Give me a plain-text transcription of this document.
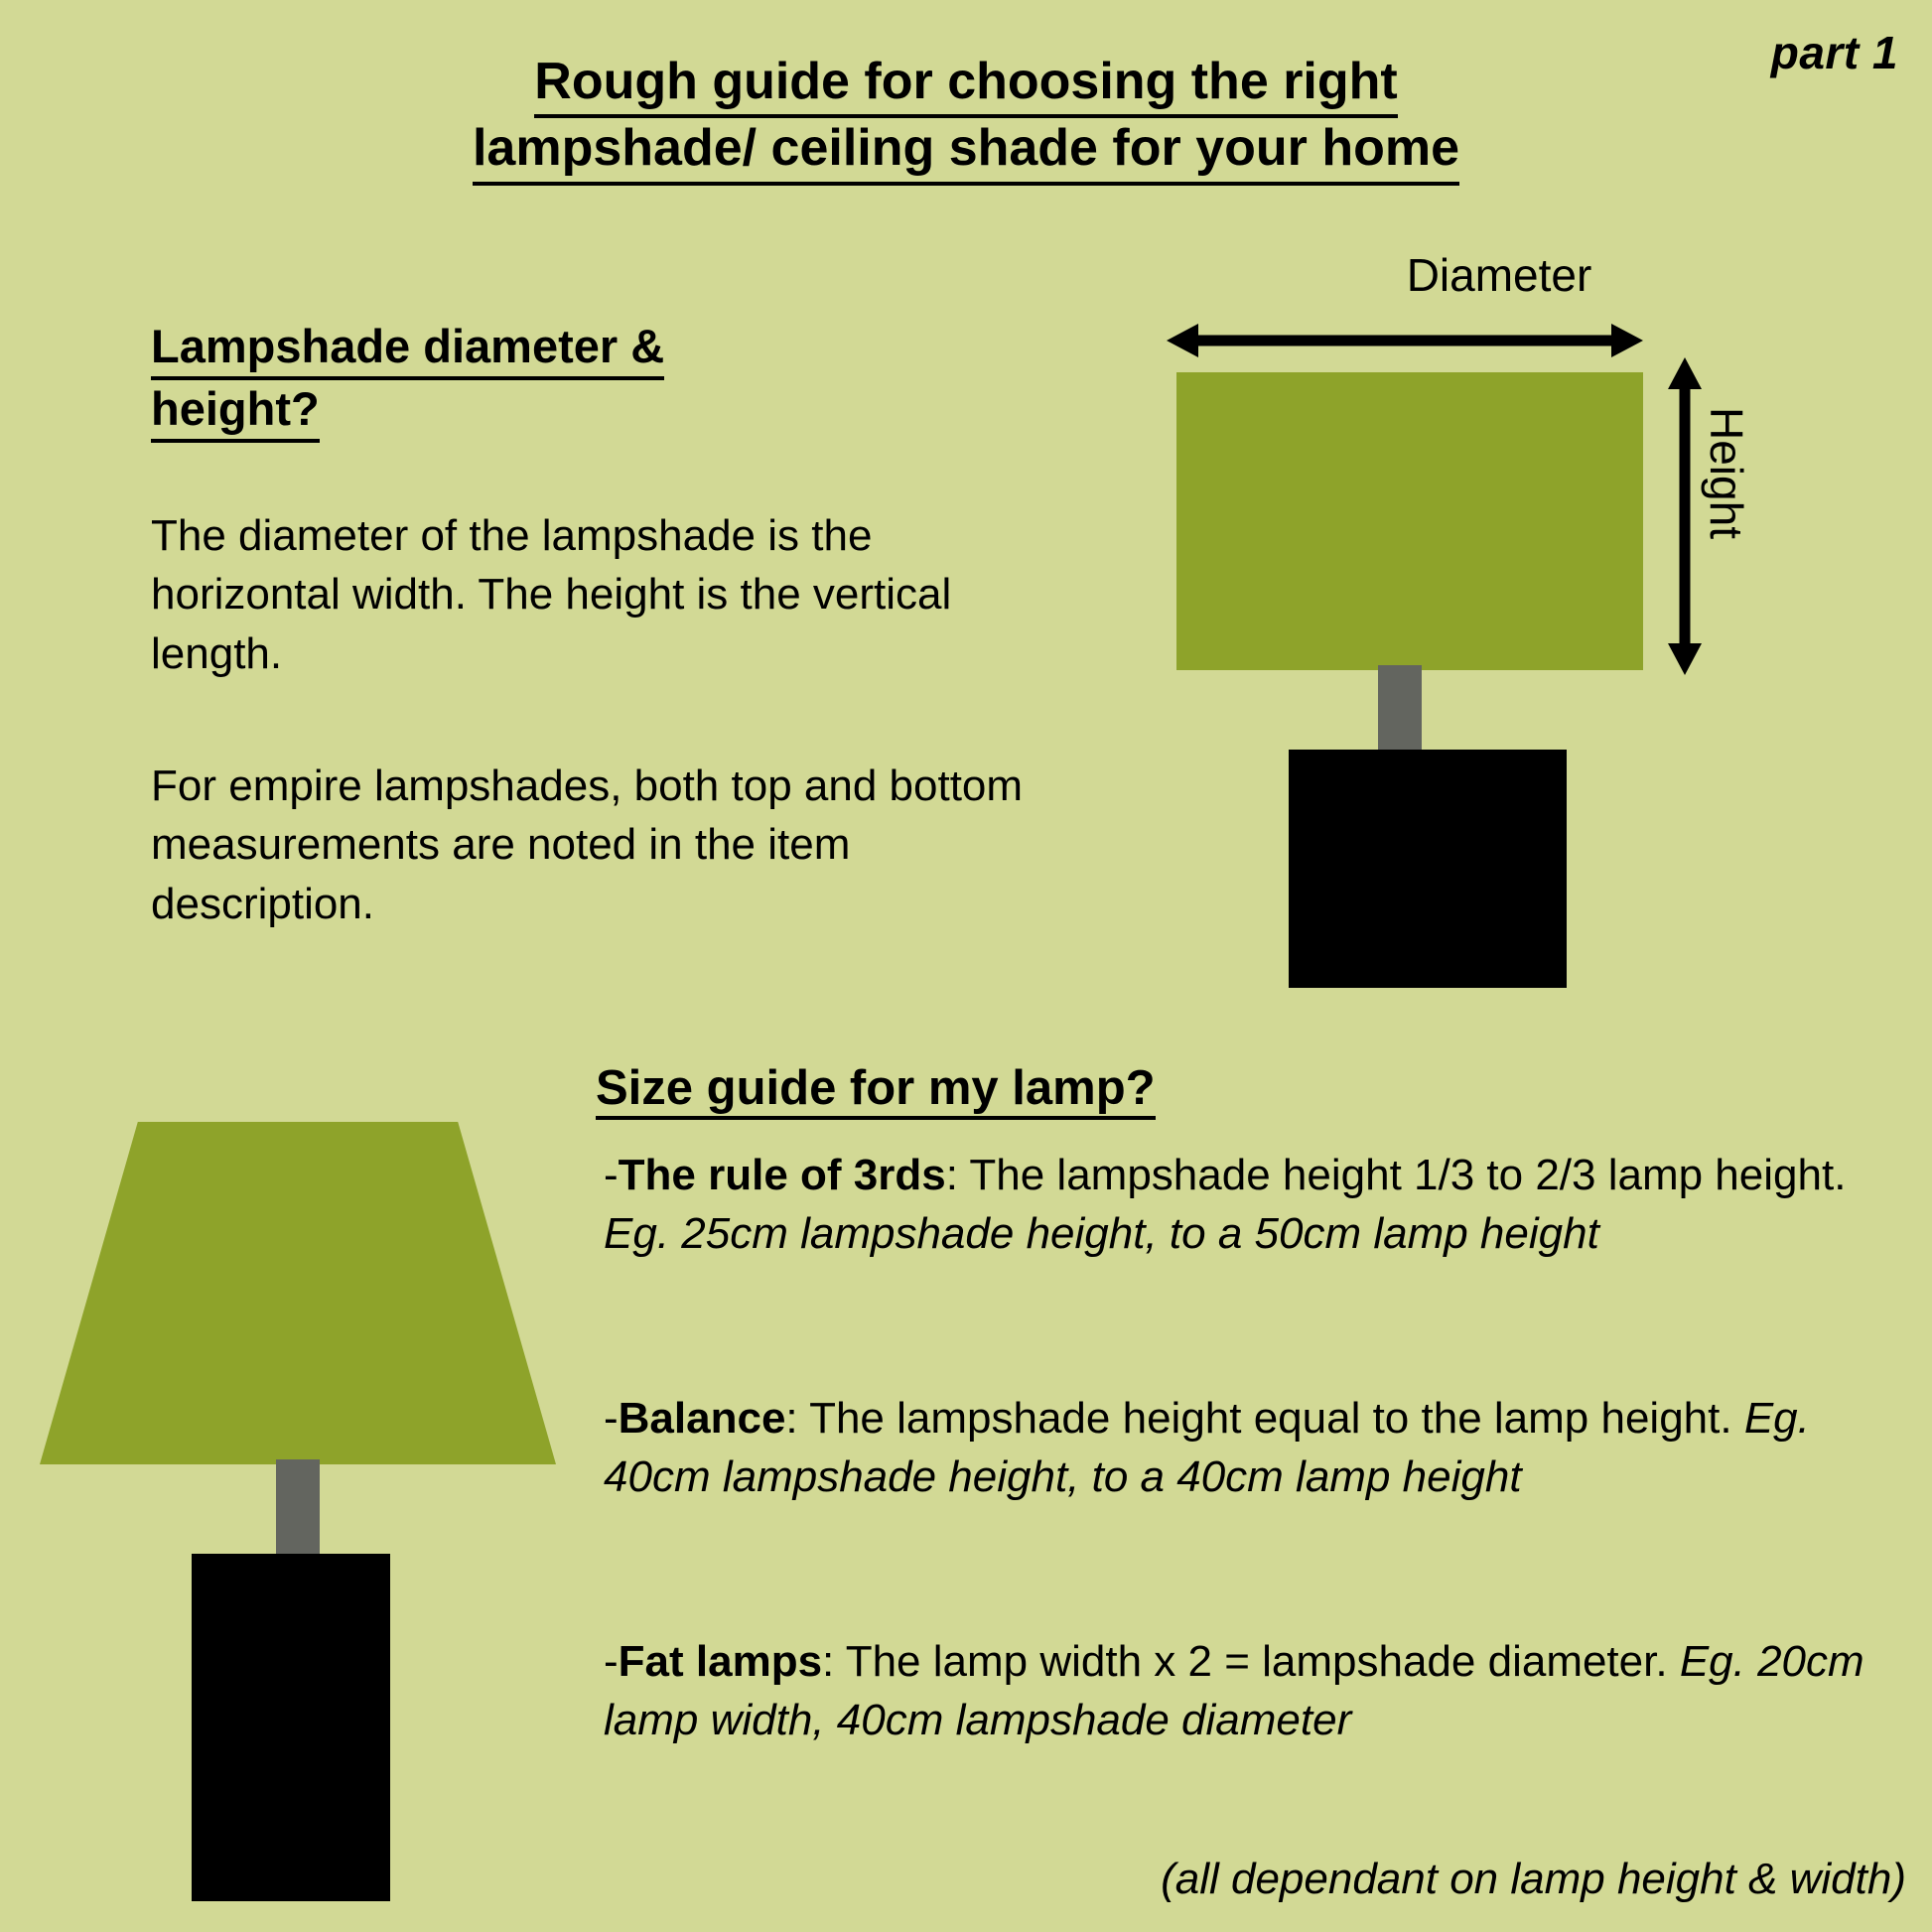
part 1
Rough guide for choosing the right
lampshade/ ceiling shade for your home
Lampshade diameter &
height?
The diameter of the lampshade is the horizontal width. The height is the vertical length.
For empire lampshades, both top and bottom measurements are noted in the item description.
Diameter
Height
Size guide for my lamp?
-The rule of 3rds: The lampshade height 1/3 to 2/3 lamp height. Eg. 25cm lampshade height, to a 50cm lamp height
-Balance: The lampshade height equal to the lamp height. Eg. 40cm lampshade height, to a 40cm lamp height
-Fat lamps: The lamp width x 2 = lampshade diameter. Eg. 20cm lamp width, 40cm lampshade diameter
(all dependant on lamp height & width)
